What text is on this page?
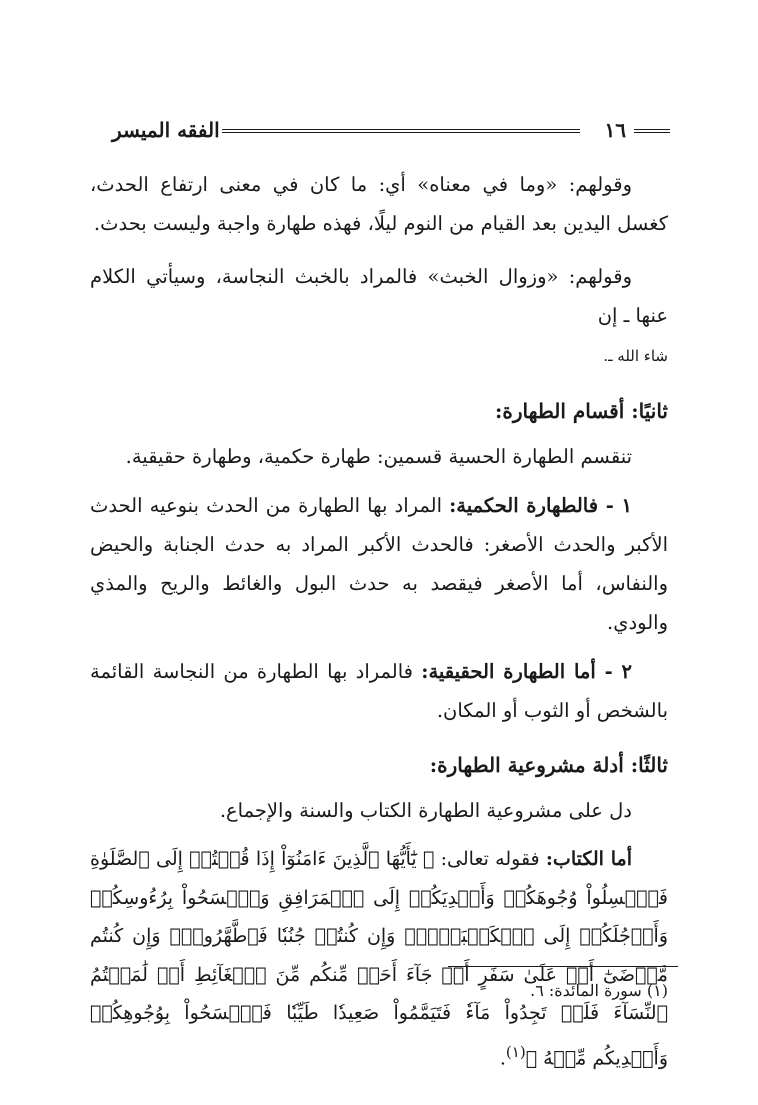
١٦
الفقه الميسر

وقولهم: «وما في معناه» أي: ما كان في معنى ارتفاع الحدث، كغسل اليدين بعد القيام من النوم ليلًا، فهذه طهارة واجبة وليست بحدث.

وقولهم: «وزوال الخبث» فالمراد بالخبث النجاسة، وسيأتي الكلام عنها ـ إن
شاء الله ـ.

ثانيًا: أقسام الطهارة:

تنقسم الطهارة الحسية قسمين: طهارة حكمية، وطهارة حقيقية.

١ - فالطهارة الحكمية: المراد بها الطهارة من الحدث بنوعيه الحدث الأكبر والحدث الأصغر: فالحدث الأكبر المراد به حدث الجنابة والحيض والنفاس، أما الأصغر فيقصد به حدث البول والغائط والريح والمذي والودي.

٢ - أما الطهارة الحقيقية: فالمراد بها الطهارة من النجاسة القائمة بالشخص أو الثوب أو المكان.

ثالثًا: أدلة مشروعية الطهارة:

دل على مشروعية الطهارة الكتاب والسنة والإجماع.

أما الكتاب: فقوله تعالى: ﴿ يَٰٓأَيُّهَا ٱلَّذِينَ ءَامَنُوٓاْ إِذَا قُمۡتُمۡ إِلَى ٱلصَّلَوٰةِ فَٱغۡسِلُواْ وُجُوهَكُمۡ وَأَيۡدِيَكُمۡ إِلَى ٱلۡمَرَافِقِ وَٱمۡسَحُواْ بِرُءُوسِكُمۡ وَأَرۡجُلَكُمۡ إِلَى ٱلۡكَعۡبَيۡنِۚ وَإِن كُنتُمۡ جُنُبٗا فَٱطَّهَّرُواْۚ وَإِن كُنتُم مَّرۡضَىٰٓ أَوۡ عَلَىٰ سَفَرٍ أَوۡ جَآءَ أَحَدٞ مِّنكُم مِّنَ ٱلۡغَآئِطِ أَوۡ لَٰمَسۡتُمُ ٱلنِّسَآءَ فَلَمۡ تَجِدُواْ مَآءٗ فَتَيَمَّمُواْ صَعِيدٗا طَيِّبٗا فَٱمۡسَحُواْ بِوُجُوهِكُمۡ وَأَيۡدِيكُم مِّنۡهُ ﴾$^{(١)}$.

(١) سورة المائدة: ٦.
